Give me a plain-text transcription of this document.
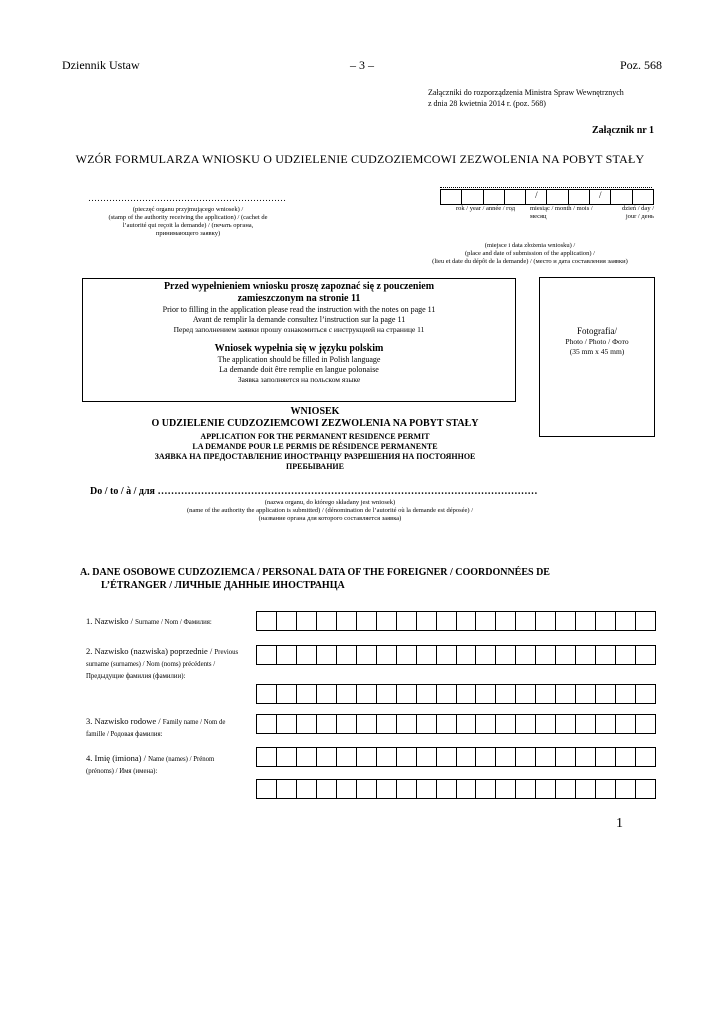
Dziennik Ustaw	– 3 –	Poz. 568
Załączniki do rozporządzenia Ministra Spraw Wewnętrznych
z dnia 28 kwietnia 2014 r. (poz. 568)
Załącznik nr 1
WZÓR FORMULARZA WNIOSKU O UDZIELENIE CUDZOZIEMCOWI ZEZWOLENIA NA POBYT STAŁY
…………………………………………………………
(pieczęć organu przyjmującego wniosek) /
(stamp of the authority receiving the application) / (cachet de
l’autorité qui reçoit la demande) / (печать органа,
принимающего заявку)
/	/
rok / year / année / год miesiąc / month / mois /
месяц
dzień / day /
jour / день
(miejsce i data złożenia wniosku) /
(place and date of submission of the application) /
(lieu et date du dépôt de la demande) / (место и дата составления заявки)
Przed wypełnieniem wniosku proszę zapoznać się z pouczeniem
zamieszczonym na stronie 11
Prior to filling in the application please read the instruction with the notes on page 11
Avant de remplir la demande consultez l’instruction sur la page 11
Перед заполнением заявки прошу ознакомиться с инструкцией на странице 11
Wniosek wypełnia się w języku polskim
The application should be filled in Polish language
La demande doit être remplie en langue polonaise
Заявка заполняется на польском языке
Fotografia/
Photo / Photo / Фото
(35 mm x 45 mm)
WNIOSEK
O UDZIELENIE CUDZOZIEMCOWI ZEZWOLENIA NA POBYT STAŁY
APPLICATION FOR THE PERMANENT RESIDENCE PERMIT
LA DEMANDE POUR LE PERMIS DE RÉSIDENCE PERMANENTE
ЗАЯВКА НА ПРЕДОСТАВЛЕНИЕ ИНОСТРАНЦУ РАЗРЕШЕНИЯ НА ПОСТОЯННОЕ
ПРЕБЫВАНИЕ
Do / to / à / для ……………………………………………………………………………………………………
(nazwa organu, do którego składany jest wniosek)
(name of the authority the application is submitted) / (dénomination de l’autorité où la demande est déposée) /
(название органа для которого составляется заявка)
A. DANE OSOBOWE CUDZOZIEMCA / PERSONAL DATA OF THE FOREIGNER / COORDONNÉES DE
L’ÉTRANGER / ЛИЧНЫЕ ДАННЫЕ ИНОСТРАНЦА
1. Nazwisko / Surname / Nom / Фамилия:
2. Nazwisko (nazwiska) poprzednie / Previous
surname (surnames) / Nom (noms) précédents /
Предыдущие фамилия (фамилии):
3. Nazwisko rodowe / Family name / Nom de
famille / Родовая фамилия:
4. Imię (imiona) / Name (names) / Prénom
(prénoms) / Имя (имена):
1
